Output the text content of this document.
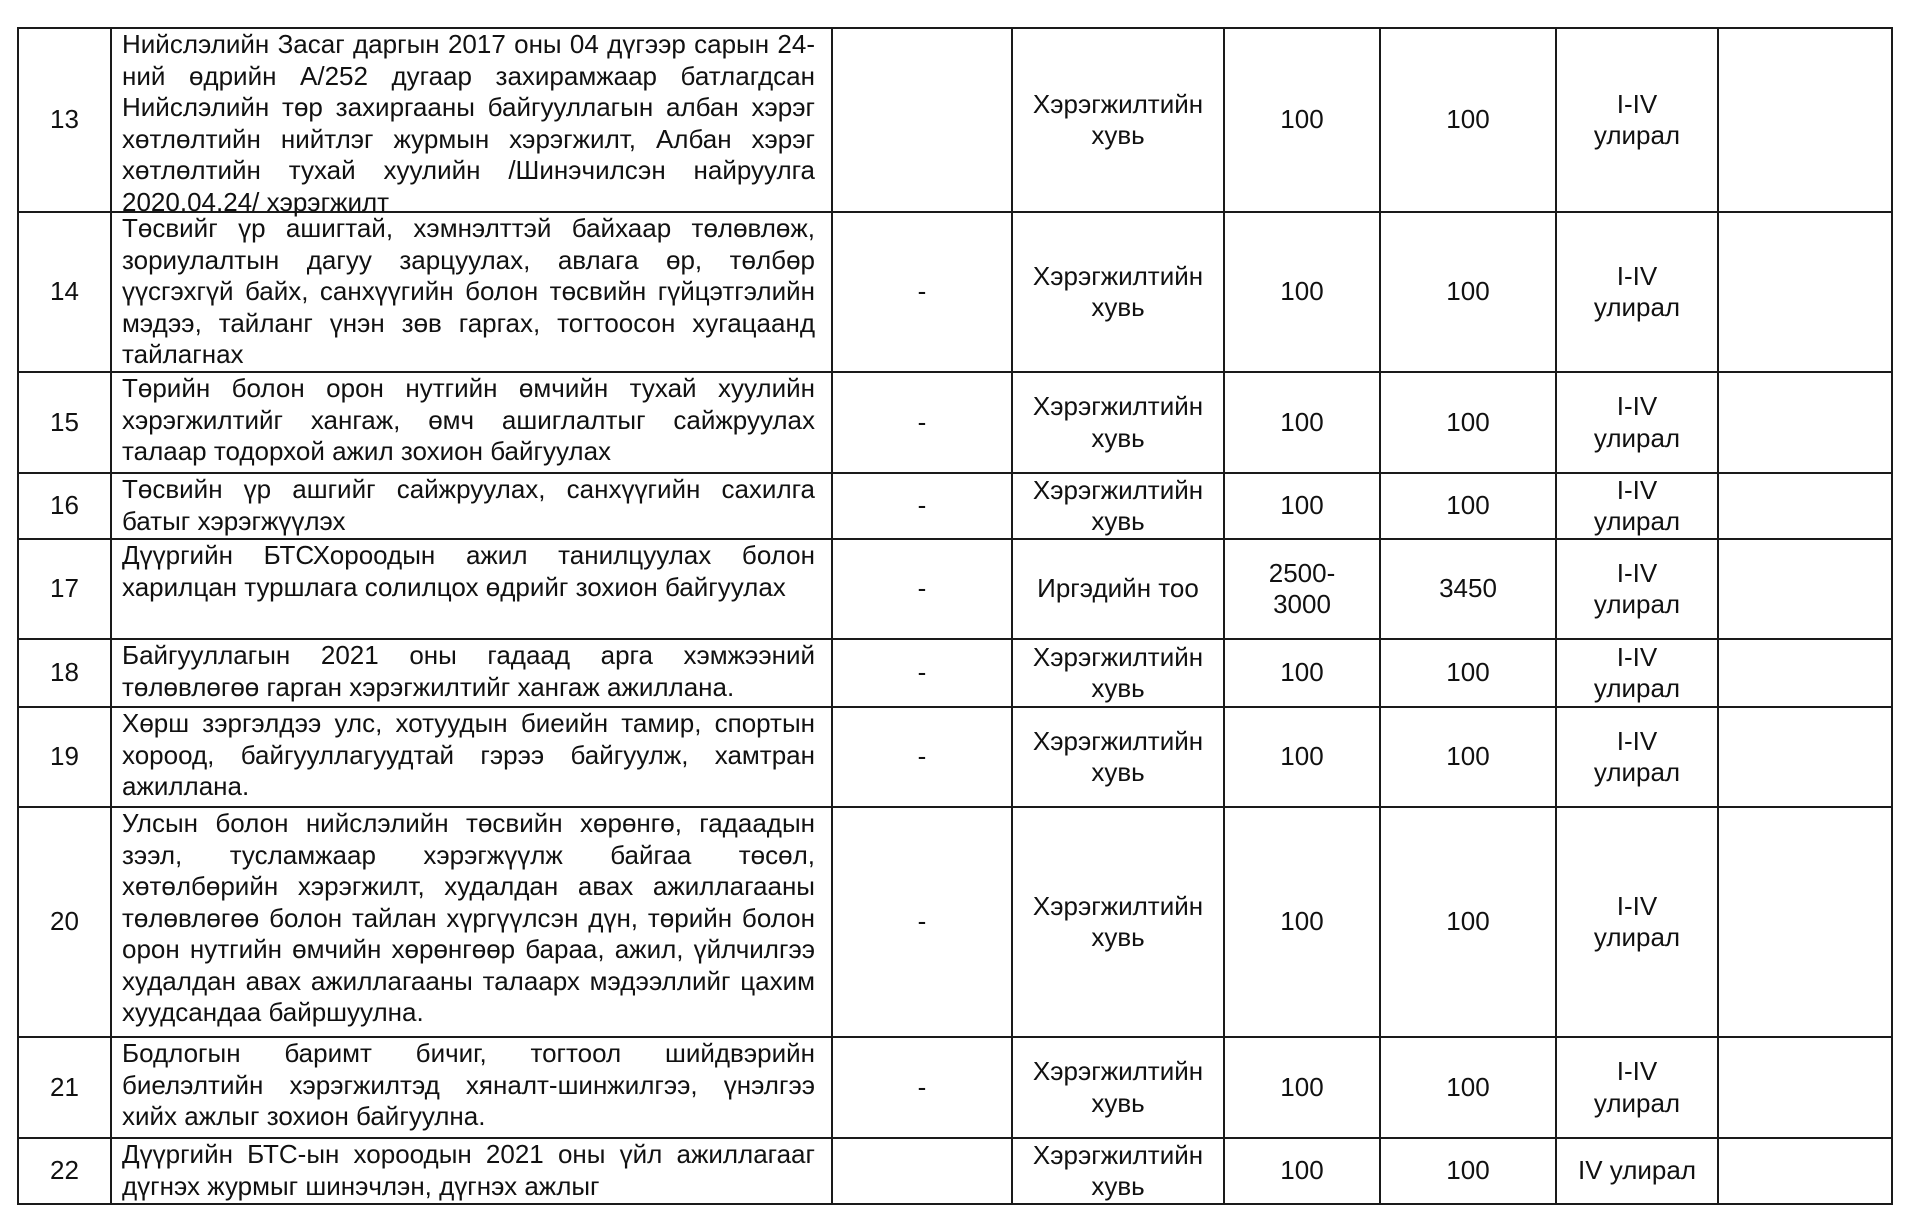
13	Нийслэлийн Засаг даргын 2017 оны 04 дүгээр сарын 24-ний өдрийн А/252 дугаар захирамжаар батлагдсан Нийслэлийн төр захиргааны байгууллагын албан хэрэг хөтлөлтийн нийтлэг журмын хэрэгжилт, Албан хэрэг хөтлөлтийн тухай хуулийн /Шинэчилсэн найруулга 2020.04.24/ хэрэгжилт		Хэрэгжилтийн хувь	100	100	I-IV улирал	
14	Төсвийг үр ашигтай, хэмнэлттэй байхаар төлөвлөж, зориулалтын дагуу зарцуулах, авлага өр, төлбөр үүсгэхгүй байх, санхүүгийн болон төсвийн гүйцэтгэлийн мэдээ, тайланг үнэн зөв гаргах, тогтоосон хугацаанд тайлагнах	-	Хэрэгжилтийн хувь	100	100	I-IV улирал	
15	Төрийн болон орон нутгийн өмчийн тухай хуулийн хэрэгжилтийг хангаж, өмч ашиглалтыг сайжруулах талаар тодорхой ажил зохион байгуулах	-	Хэрэгжилтийн хувь	100	100	I-IV улирал	
16	Төсвийн үр ашгийг сайжруулах, санхүүгийн сахилга батыг хэрэгжүүлэх	-	Хэрэгжилтийн хувь	100	100	I-IV улирал	
17	Дүүргийн БТСХороодын ажил танилцуулах болон харилцан туршлага солилцох өдрийг зохион байгуулах	-	Иргэдийн тоо	2500-3000	3450	I-IV улирал	
18	Байгууллагын 2021 оны гадаад арга хэмжээний төлөвлөгөө гарган хэрэгжилтийг хангаж ажиллана.	-	Хэрэгжилтийн хувь	100	100	I-IV улирал	
19	Хөрш зэргэлдээ улс, хотуудын биеийн тамир, спортын хороод, байгууллагуудтай гэрээ байгуулж, хамтран ажиллана.	-	Хэрэгжилтийн хувь	100	100	I-IV улирал	
20	Улсын болон нийслэлийн төсвийн хөрөнгө, гадаадын зээл, тусламжаар хэрэгжүүлж байгаа төсөл, хөтөлбөрийн хэрэгжилт, худалдан авах ажиллагааны төлөвлөгөө болон тайлан хүргүүлсэн дүн, төрийн болон орон нутгийн өмчийн хөрөнгөөр бараа, ажил, үйлчилгээ худалдан авах ажиллагааны талаарх мэдээллийг цахим хуудсандаа байршуулна.	-	Хэрэгжилтийн хувь	100	100	I-IV улирал	
21	Бодлогын баримт бичиг, тогтоол шийдвэрийн биелэлтийн хэрэгжилтэд хяналт-шинжилгээ, үнэлгээ хийх ажлыг зохион байгуулна.	-	Хэрэгжилтийн хувь	100	100	I-IV улирал	
22	Дүүргийн БТС-ын хороодын 2021 оны үйл ажиллагааг дүгнэх журмыг шинэчлэн, дүгнэх ажлыг		Хэрэгжилтийн хувь	100	100	IV улирал	
